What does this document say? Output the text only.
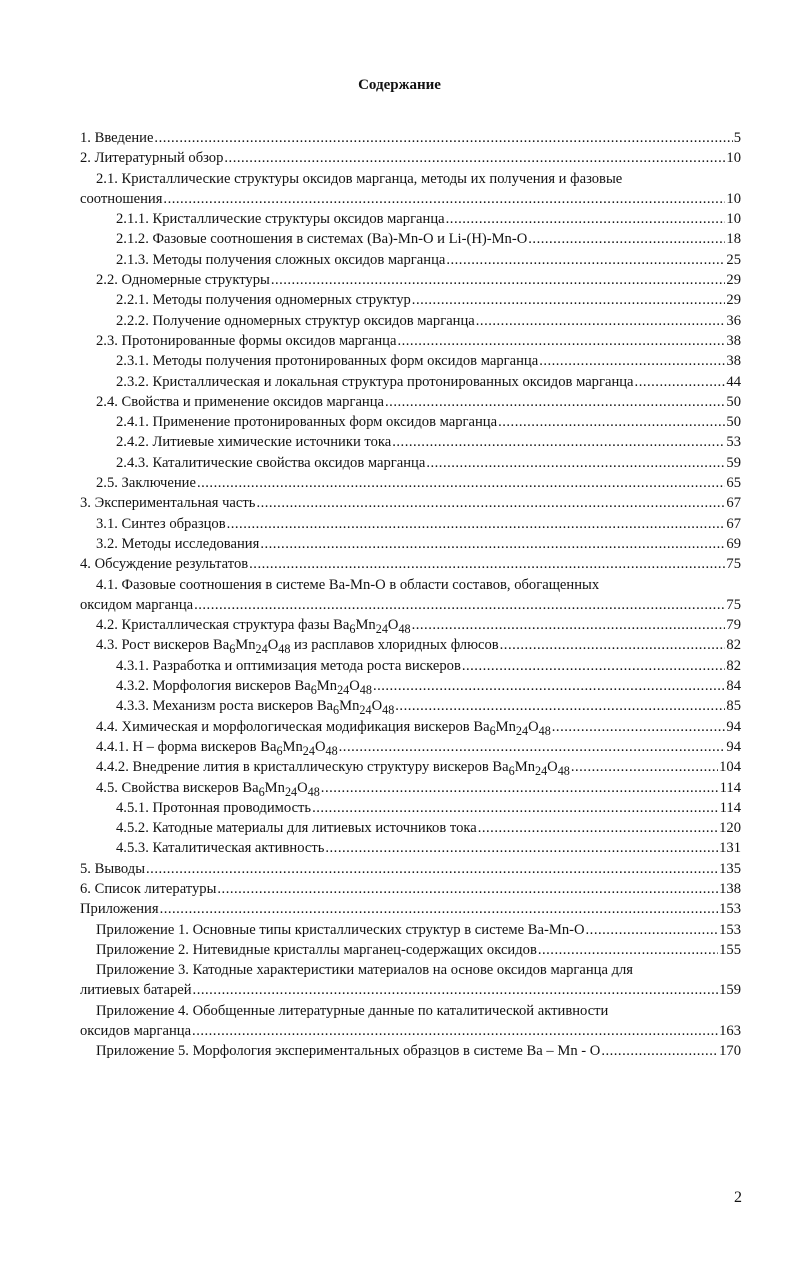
Содержание
1. Введение .....	5
2. Литературный обзор .....	10
2.1. Кристаллические структуры оксидов марганца, методы их получения и фазовые
соотношения .....	10
2.1.1. Кристаллические структуры оксидов марганца .....	10
2.1.2. Фазовые соотношения в системах (Ba)-Mn-O и Li-(H)-Mn-O .....	18
2.1.3. Методы получения сложных оксидов марганца .....	25
2.2. Одномерные структуры .....	29
2.2.1. Методы получения одномерных структур .....	29
2.2.2. Получение одномерных структур оксидов марганца .....	36
2.3. Протонированные формы оксидов марганца .....	38
2.3.1. Методы получения протонированных форм оксидов марганца .....	38
2.3.2. Кристаллическая и локальная структура протонированных оксидов марганца .....	44
2.4. Свойства и применение оксидов марганца .....	50
2.4.1. Применение протонированных форм оксидов марганца .....	50
2.4.2. Литиевые химические источники тока .....	53
2.4.3. Каталитические свойства оксидов марганца .....	59
2.5. Заключение .....	65
3. Экспериментальная часть .....	67
3.1. Синтез образцов .....	67
3.2. Методы исследования .....	69
4. Обсуждение результатов .....	75
4.1. Фазовые соотношения в системе Ba-Mn-O в области составов, обогащенных
оксидом марганца .....	75
4.2. Кристаллическая структура фазы $Ba_6Mn_{24}O_{48}$ .....	79
4.3. Рост вискеров $Ba_6Mn_{24}O_{48}$ из расплавов хлоридных флюсов .....	82
4.3.1. Разработка и оптимизация метода роста вискеров .....	82
4.3.2. Морфология вискеров $Ba_6Mn_{24}O_{48}$ .....	84
4.3.3. Механизм роста вискеров $Ba_6Mn_{24}O_{48}$ .....	85
4.4. Химическая и морфологическая модификация вискеров $Ba_6Mn_{24}O_{48}$ .....	94
4.4.1. H – форма вискеров $Ba_6Mn_{24}O_{48}$ .....	94
4.4.2. Внедрение лития в кристаллическую структуру вискеров $Ba_6Mn_{24}O_{48}$ .....	104
4.5. Свойства вискеров $Ba_6Mn_{24}O_{48}$ .....	114
4.5.1. Протонная проводимость .....	114
4.5.2. Катодные материалы для литиевых источников тока .....	120
4.5.3. Каталитическая активность .....	131
5. Выводы .....	135
6. Список литературы .....	138
Приложения .....	153
Приложение 1. Основные типы кристаллических структур в системе Ba-Mn-O .....	153
Приложение 2. Нитевидные кристаллы марганец-содержащих оксидов .....	155
Приложение 3. Катодные характеристики материалов на основе оксидов марганца для
литиевых батарей .....	159
Приложение 4. Обобщенные литературные данные по каталитической активности
оксидов марганца .....	163
Приложение 5. Морфология экспериментальных образцов в системе Ba – Mn - O .....	170
2
